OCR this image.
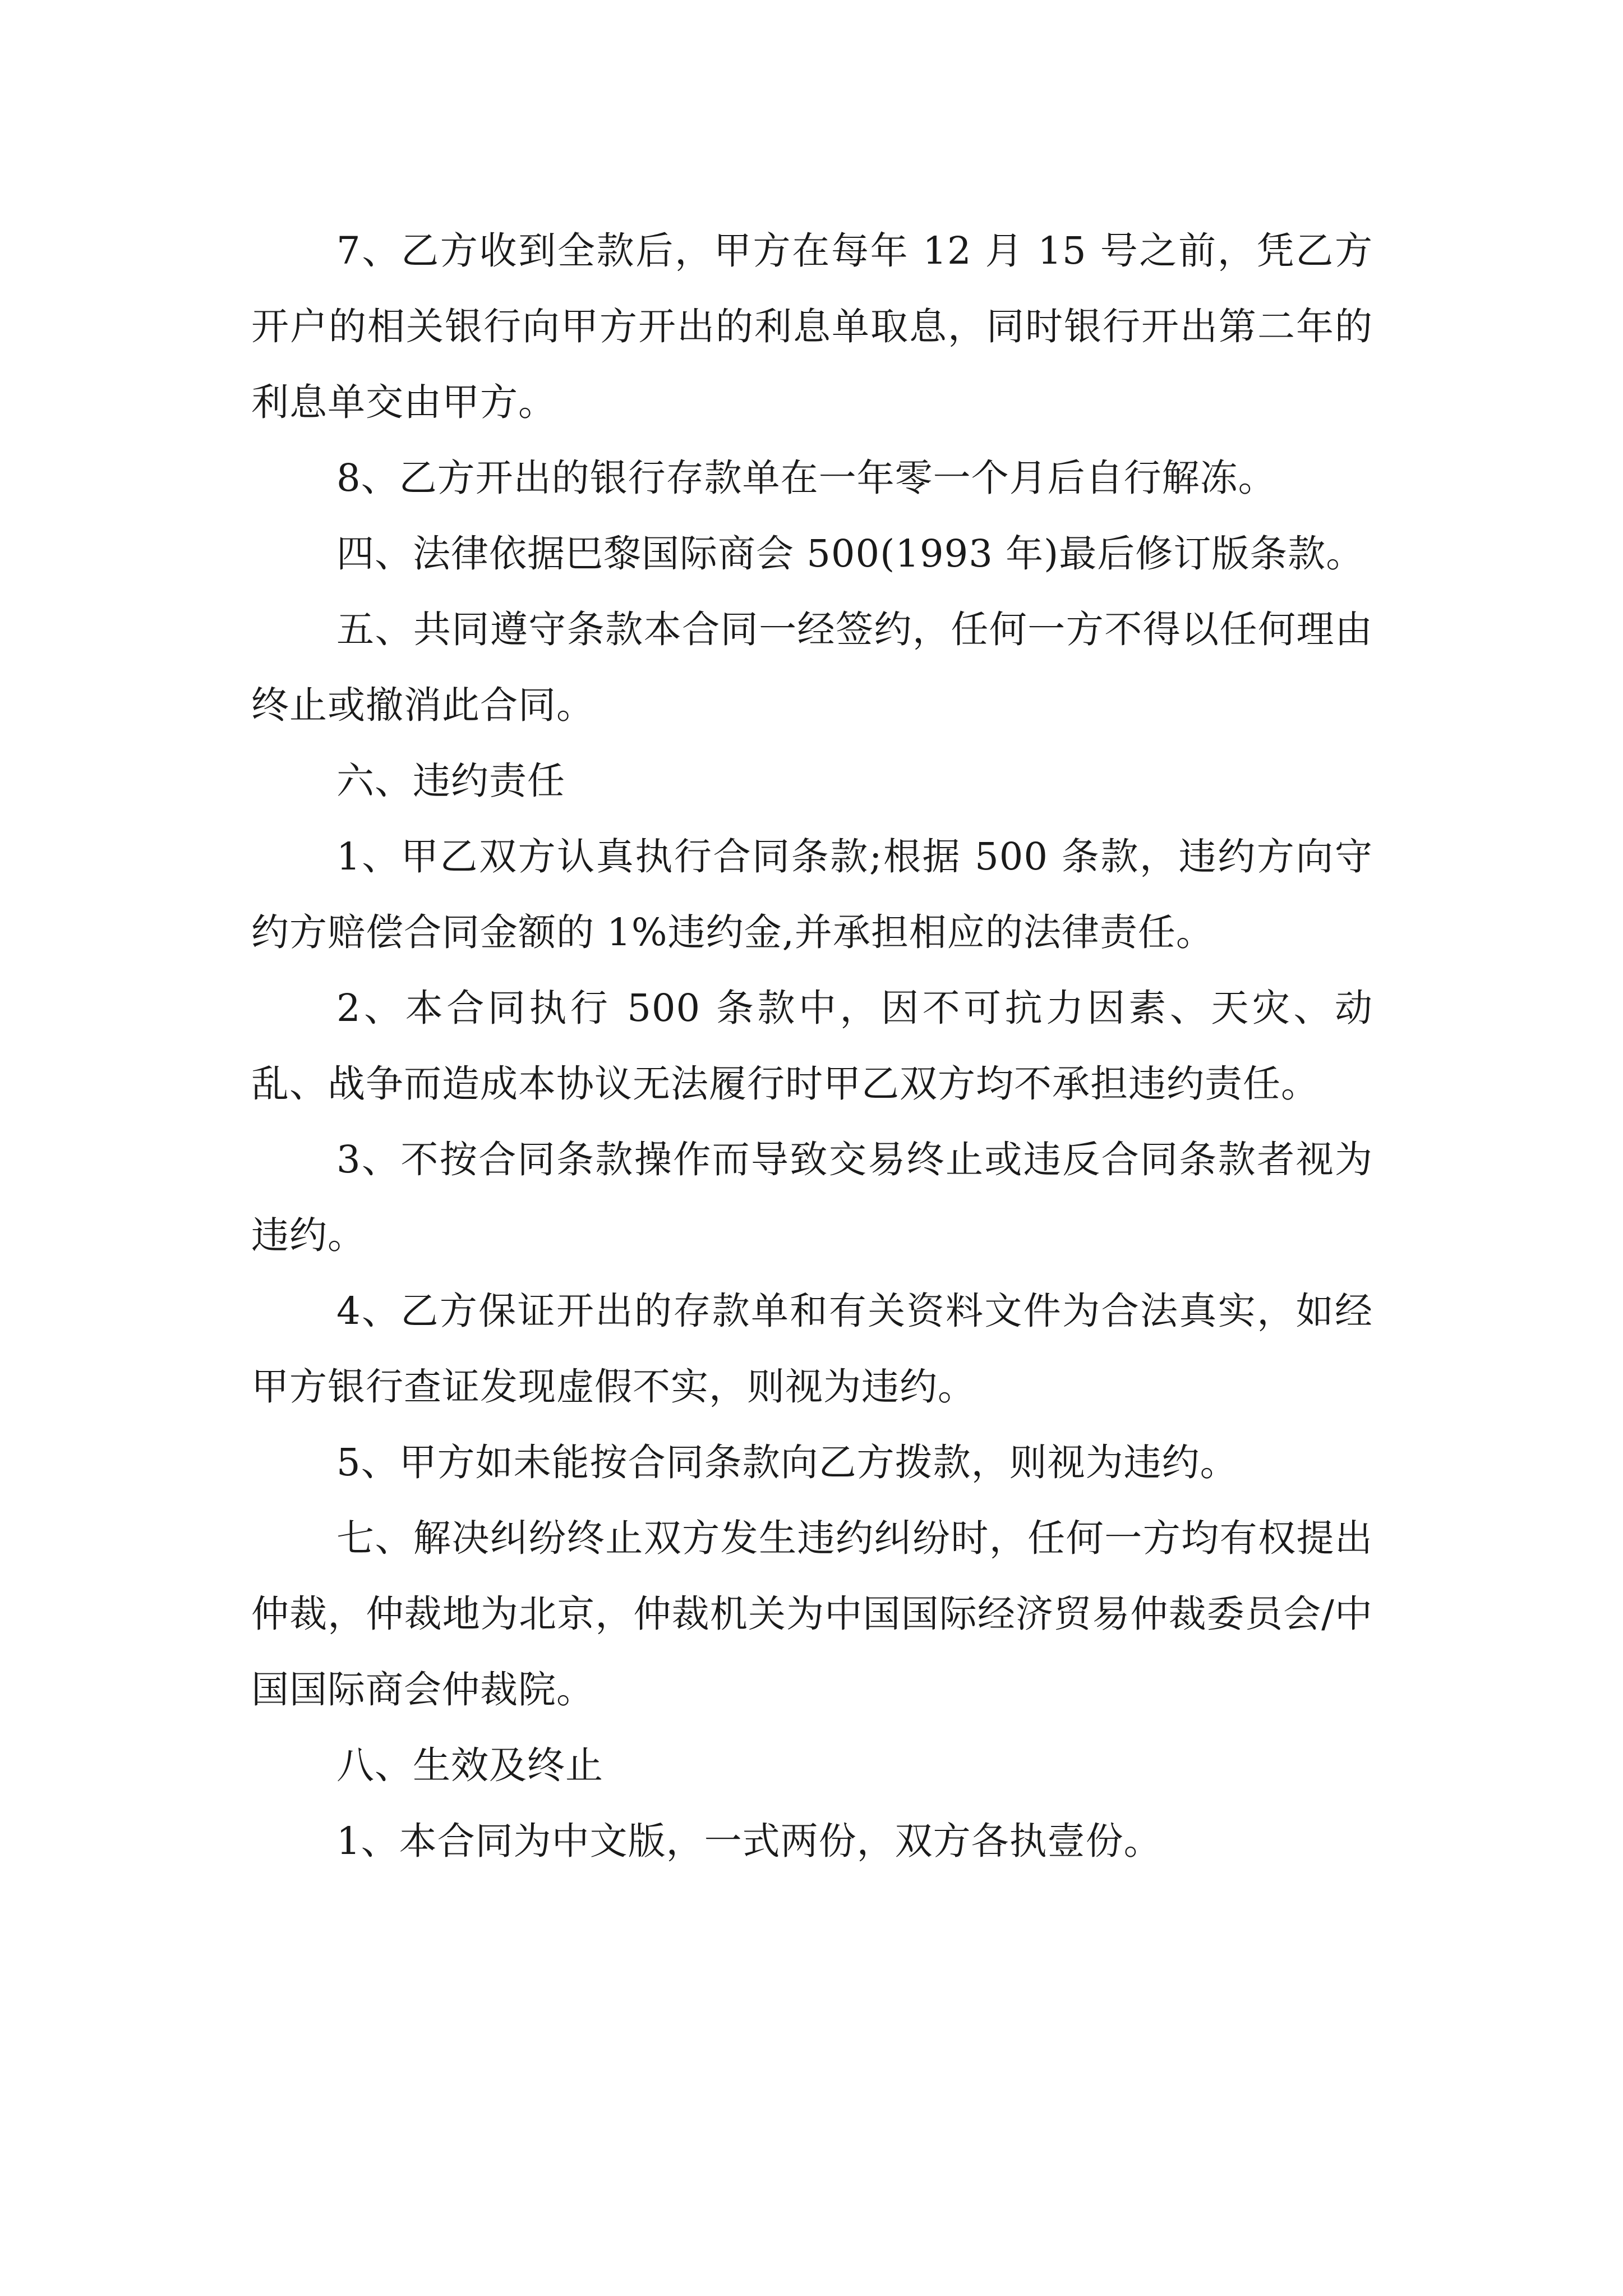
7、乙方收到全款后，甲方在每年 12 月 15 号之前，凭乙方开户的相关银行向甲方开出的利息单取息，同时银行开出第二年的利息单交由甲方。

8、乙方开出的银行存款单在一年零一个月后自行解冻。

四、法律依据巴黎国际商会 500(1993 年)最后修订版条款。

五、共同遵守条款本合同一经签约，任何一方不得以任何理由终止或撤消此合同。

六、违约责任

1、甲乙双方认真执行合同条款;根据 500 条款，违约方向守约方赔偿合同金额的 1%违约金,并承担相应的法律责任。

2、本合同执行 500 条款中，因不可抗力因素、天灾、动乱、战争而造成本协议无法履行时甲乙双方均不承担违约责任。

3、不按合同条款操作而导致交易终止或违反合同条款者视为违约。

4、乙方保证开出的存款单和有关资料文件为合法真实，如经甲方银行查证发现虚假不实，则视为违约。

5、甲方如未能按合同条款向乙方拨款，则视为违约。

七、解决纠纷终止双方发生违约纠纷时，任何一方均有权提出仲裁，仲裁地为北京，仲裁机关为中国国际经济贸易仲裁委员会/中国国际商会仲裁院。

八、生效及终止

1、本合同为中文版，一式两份，双方各执壹份。
